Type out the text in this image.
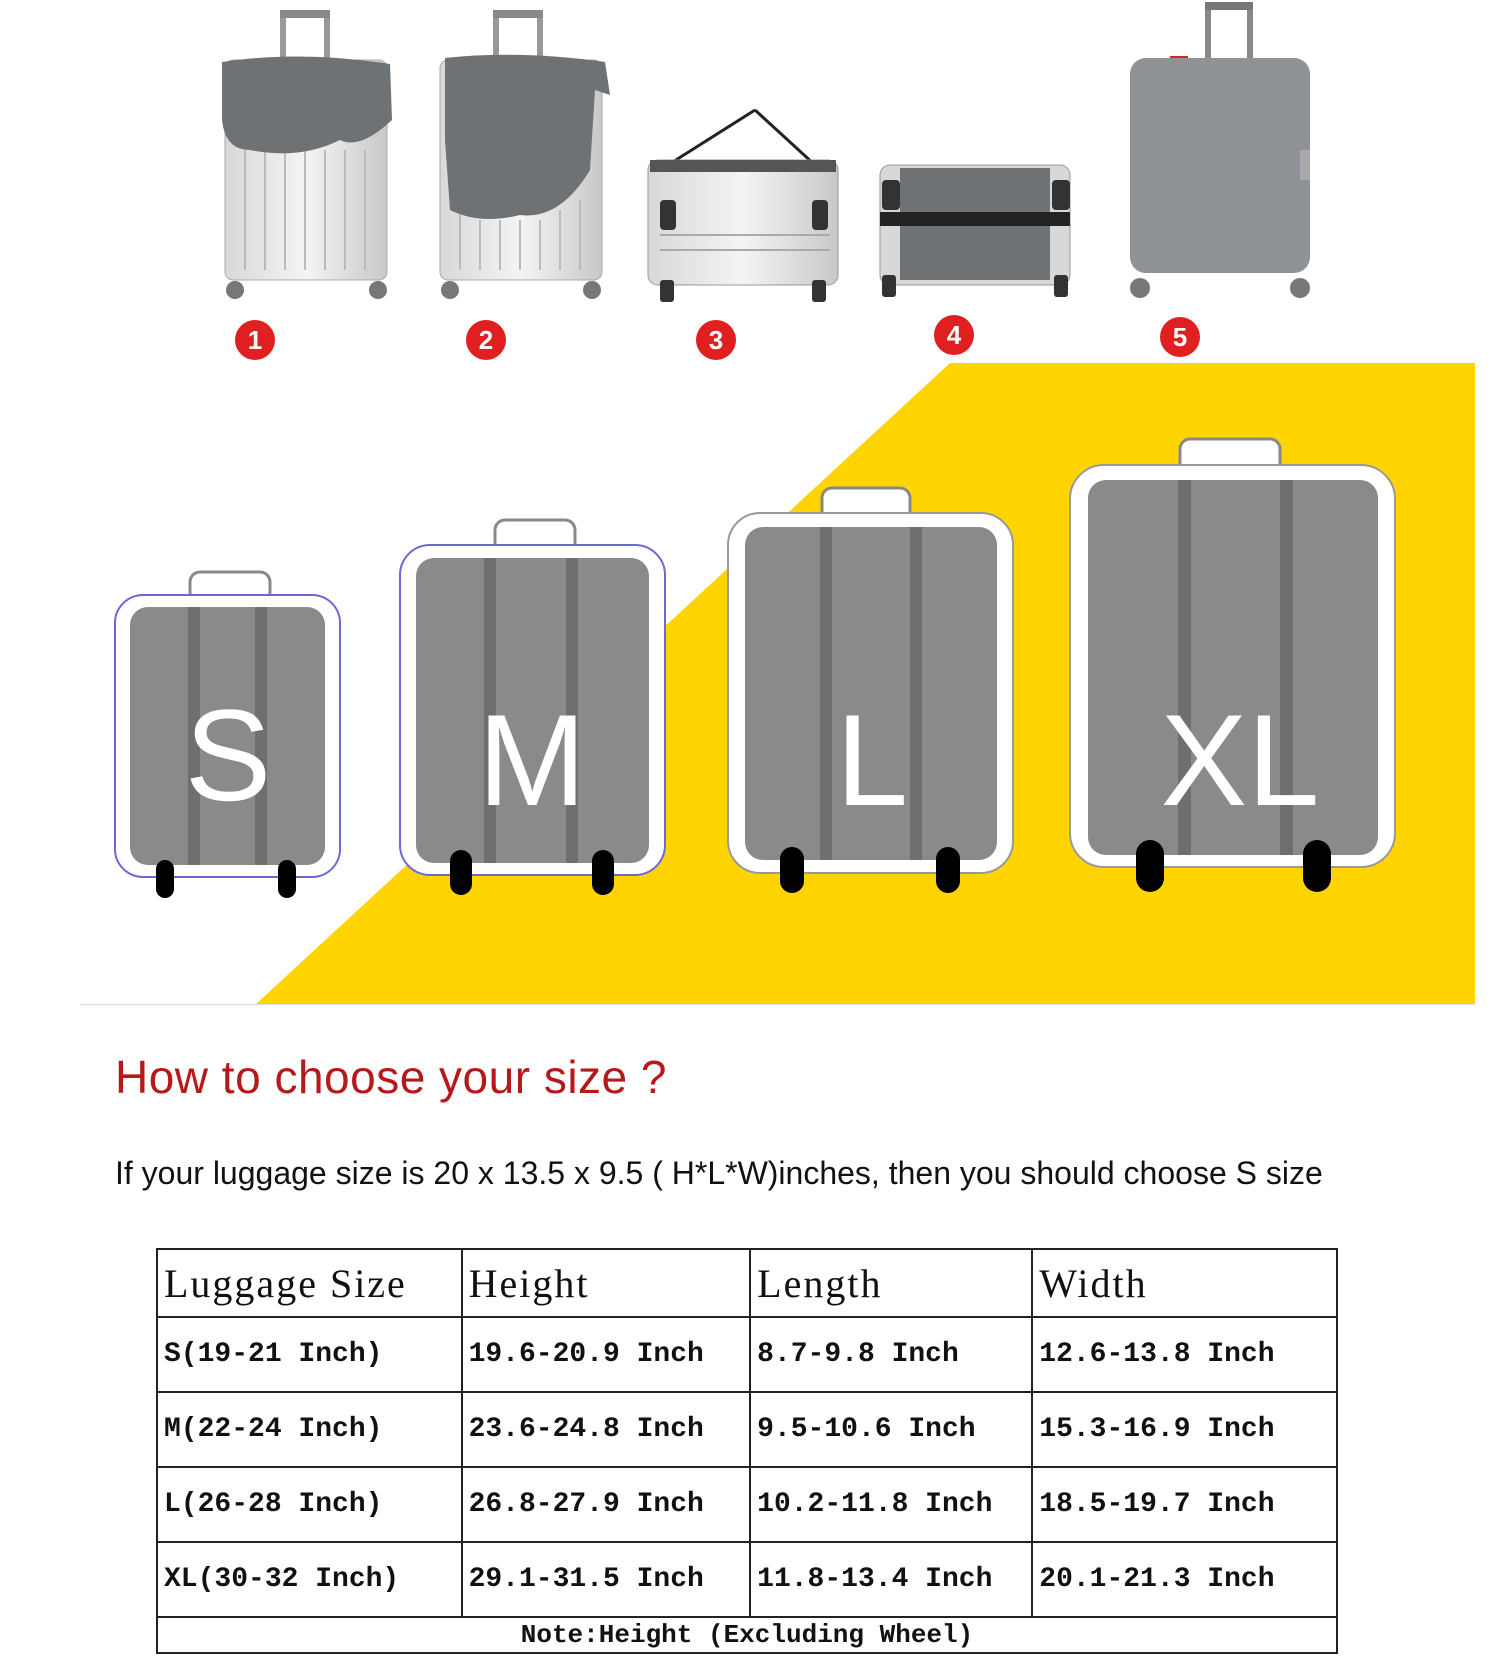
1	2	3	4	5
S M L XL
How to choose your size ?
If your luggage size is 20 x 13.5 x 9.5 ( H*L*W)inches, then you should choose S size
Luggage Size	Height	Length	Width
S(19-21 Inch)	19.6-20.9 Inch	8.7-9.8 Inch	12.6-13.8 Inch
M(22-24 Inch)	23.6-24.8 Inch	9.5-10.6 Inch	15.3-16.9 Inch
L(26-28 Inch)	26.8-27.9 Inch	10.2-11.8 Inch	18.5-19.7 Inch
XL(30-32 Inch)	29.1-31.5 Inch	11.8-13.4 Inch	20.1-21.3 Inch
Note:Height (Excluding Wheel)			
